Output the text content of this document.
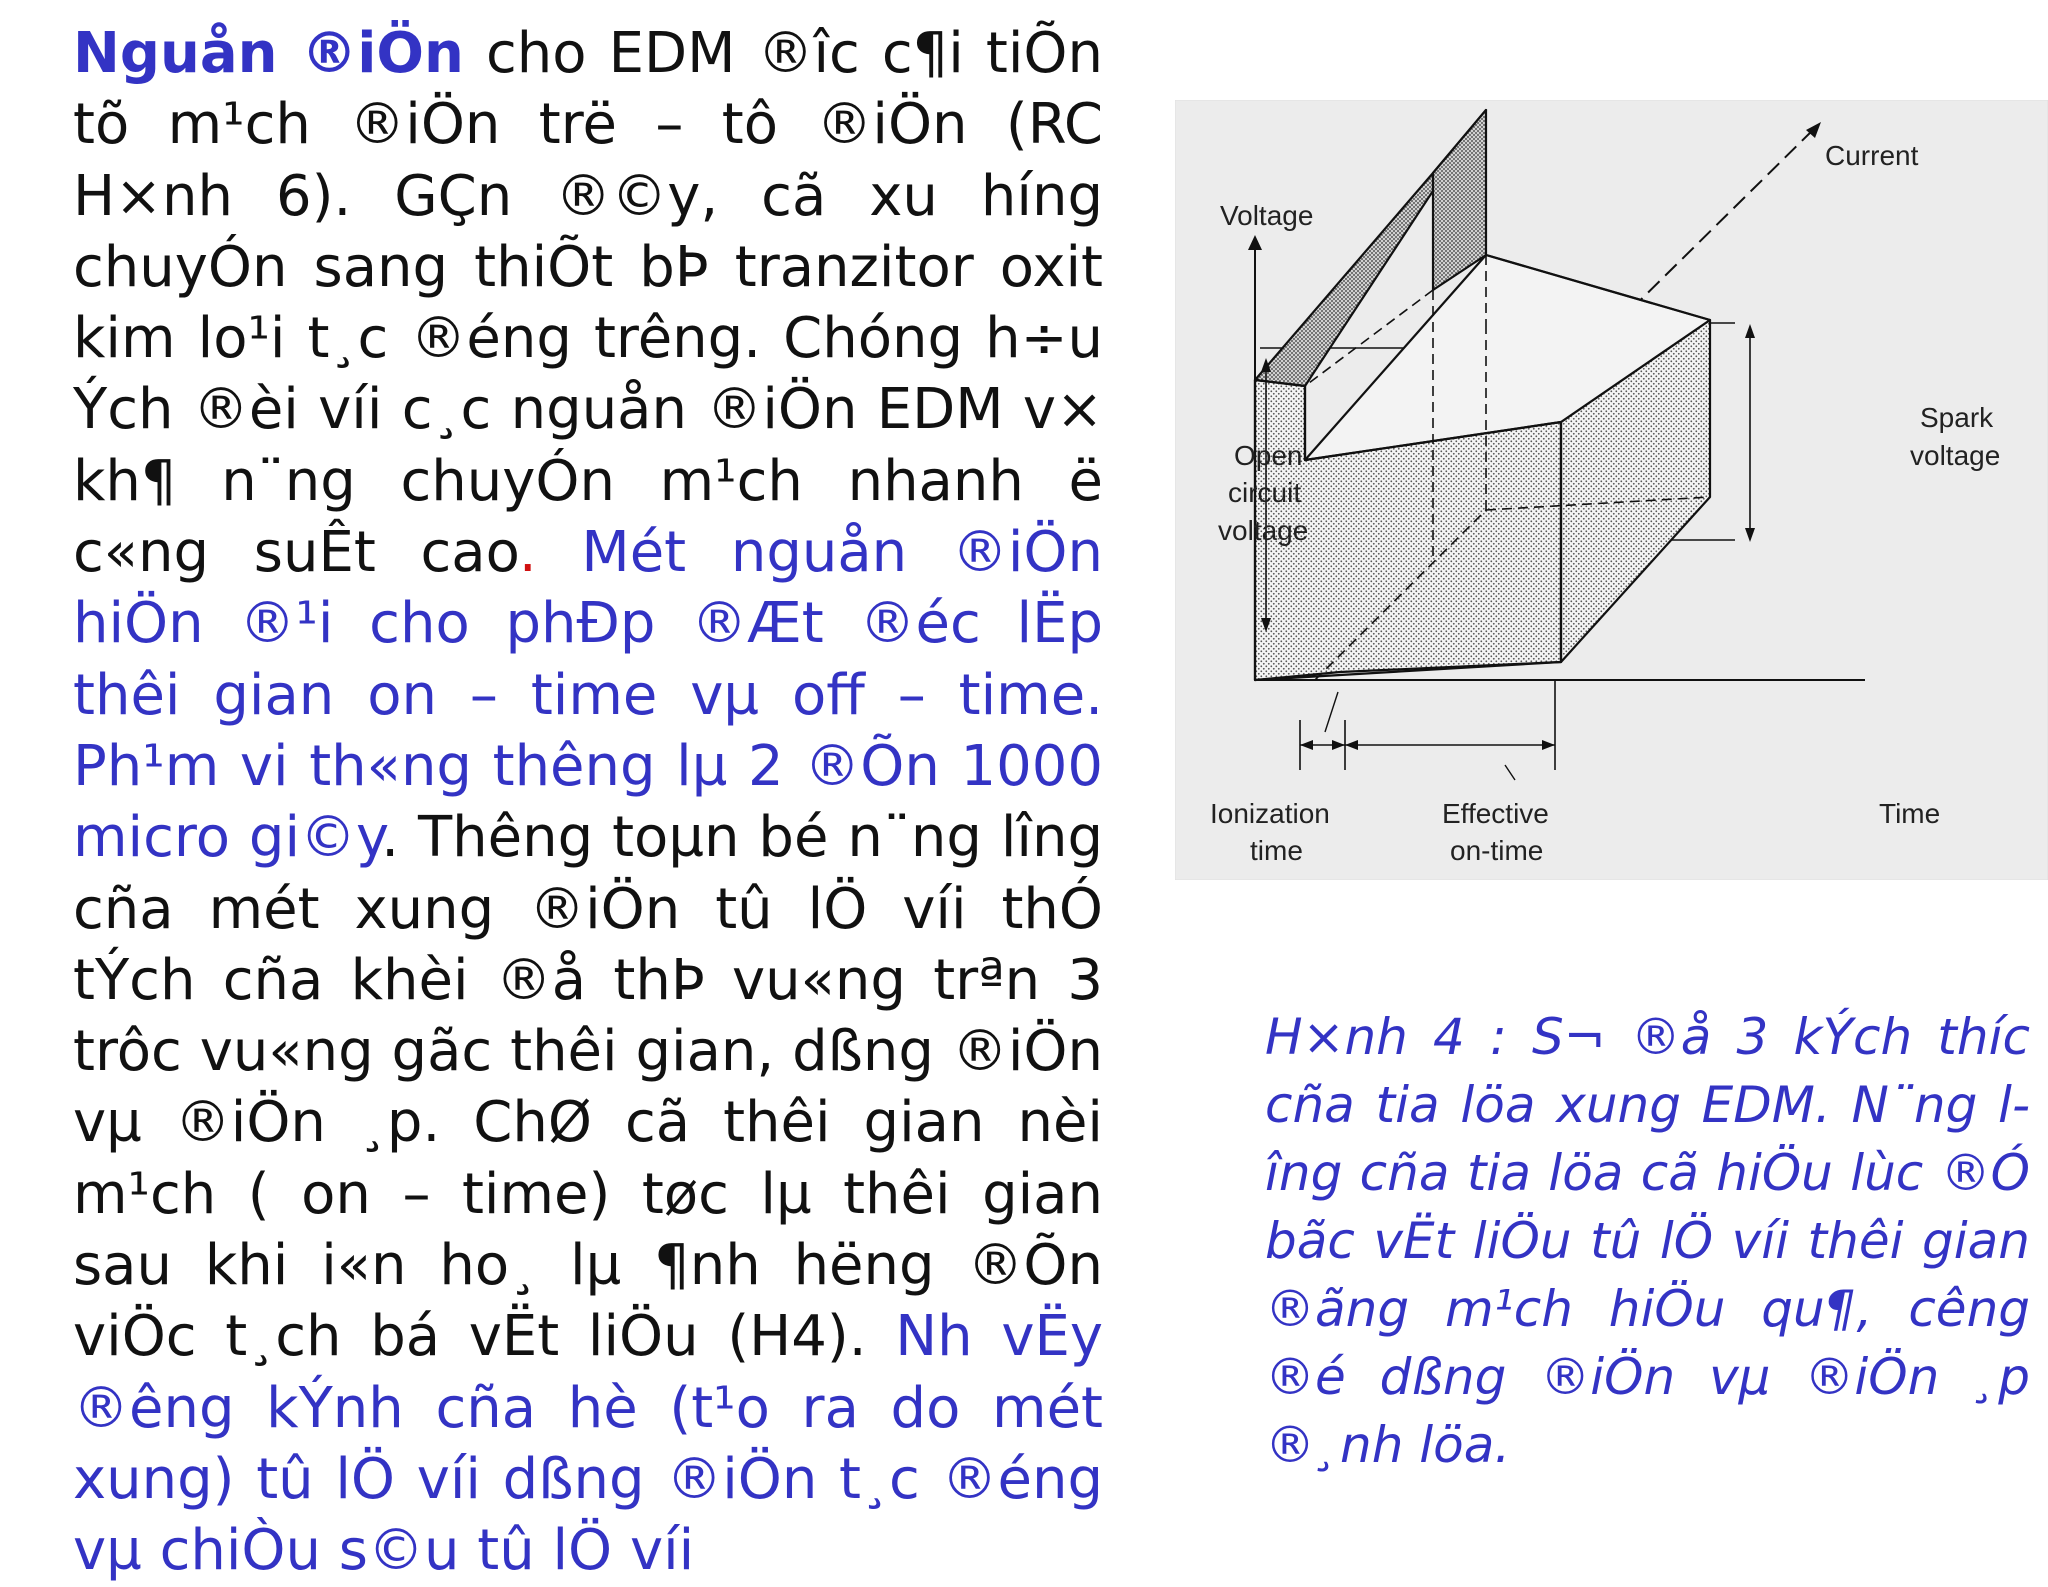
Nguån ®iÖn cho EDM ®îc c¶i tiÕn tõ m¹ch ®iÖn trë – tô ®iÖn (RC H×nh 6). GÇn ®©y, cã xu híng chuyÓn sang thiÕt bÞ tranzitor oxit kim lo¹i t¸c ®éng trêng. Chóng h÷u Ých ®èi víi c¸c nguån ®iÖn EDM v× kh¶ n¨ng chuyÓn m¹ch nhanh ë c«ng suÊt cao. Mét nguån ®iÖn hiÖn ®¹i cho phÐp ®Æt ®éc lËp thêi gian on – time vµ off – time. Ph¹m vi th«ng thêng lµ 2 ®Õn 1000 micro gi©y. Thêng toµn bé n¨ng lîng cña mét xung ®iÖn tû lÖ víi thÓ tÝch cña khèi ®å thÞ vu«ng trªn 3 trôc vu«ng gãc thêi gian, dßng ®iÖn vµ ®iÖn ¸p. ChØ cã thêi gian nèi m¹ch ( on – time) tøc lµ thêi gian sau khi i«n ho¸ lµ ¶nh hëng ®Õn viÖc t¸ch bá vËt liÖu (H4). Nh vËy ®êng kÝnh cña hè (t¹o ra do mét xung) tû lÖ víi dßng ®iÖn t¸c ®éng vµ chiÒu s©u tû lÖ víi
Current
Voltage
Spark
voltage
Open
circuit
voltage
Ionization
time
Effective
on-time
Time
H×nh 4 : S¬ ®å 3 kÝch thíc cña tia löa xung EDM. N¨ng lîng cña tia löa cã hiÖu lùc ®Ó bãc vËt liÖu tû lÖ víi thêi gian ®ãng m¹ch hiÖu qu¶, cêng ®é dßng ®iÖn vµ ®iÖn ¸p ®¸nh löa.
